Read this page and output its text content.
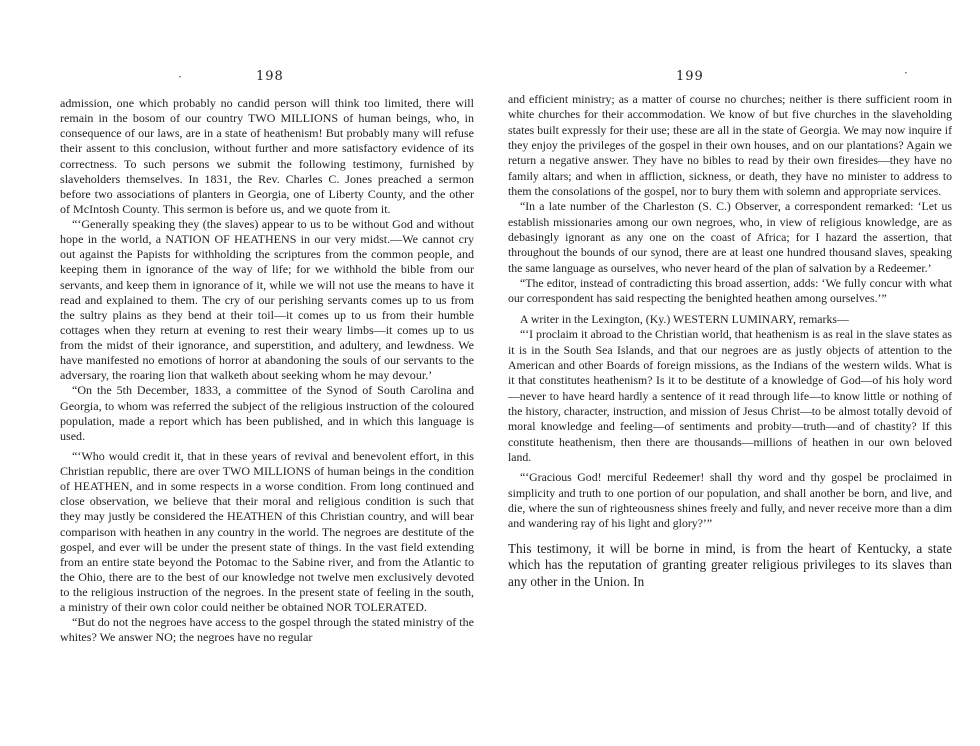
·	198

admission, one which probably no candid person will think too limited, there will remain in the bosom of our country TWO MILLIONS of human beings, who, in consequence of our laws, are in a state of heathenism! But probably many will refuse their assent to this conclusion, without further and more satisfactory evidence of its correctness. To such persons we submit the following testimony, furnished by slaveholders themselves. In 1831, the Rev. Charles C. Jones preached a sermon before two associations of planters in Georgia, one of Liberty County, and the other of McIntosh County. This sermon is before us, and we quote from it.

“‘Generally speaking they (the slaves) appear to us to be without God and without hope in the world, a NATION OF HEATHENS in our very midst.—We cannot cry out against the Papists for withholding the scriptures from the common people, and keeping them in ignorance of the way of life; for we withhold the bible from our servants, and keep them in ignorance of it, while we will not use the means to have it read and explained to them. The cry of our perishing servants comes up to us from the sultry plains as they bend at their toil—it comes up to us from their humble cottages when they return at evening to rest their weary limbs—it comes up to us from the midst of their ignorance, and superstition, and adultery, and lewdness. We have manifested no emotions of horror at abandoning the souls of our servants to the adversary, the roaring lion that walketh about seeking whom he may devour.’

“On the 5th December, 1833, a committee of the Synod of South Carolina and Georgia, to whom was referred the subject of the religious instruction of the coloured population, made a report which has been published, and in which this language is used.

“‘Who would credit it, that in these years of revival and benevolent effort, in this Christian republic, there are over TWO MILLIONS of human beings in the condition of HEATHEN, and in some respects in a worse condition. From long continued and close observation, we believe that their moral and religious condition is such that they may justly be considered the HEATHEN of this Christian country, and will bear comparison with heathen in any country in the world. The negroes are destitute of the gospel, and ever will be under the present state of things. In the vast field extending from an entire state beyond the Potomac to the Sabine river, and from the Atlantic to the Ohio, there are to the best of our knowledge not twelve men exclusively devoted to the religious instruction of the negroes. In the present state of feeling in the south, a ministry of their own color could neither be obtained NOR TOLERATED.

“But do not the negroes have access to the gospel through the stated ministry of the whites? We answer NO; the negroes have no regular

·
199

and efficient ministry; as a matter of course no churches; neither is there sufficient room in white churches for their accommodation. We know of but five churches in the slaveholding states built expressly for their use; these are all in the state of Georgia. We may now inquire if they enjoy the privileges of the gospel in their own houses, and on our plantations? Again we return a negative answer. They have no bibles to read by their own firesides—they have no family altars; and when in affliction, sickness, or death, they have no minister to address to them the consolations of the gospel, nor to bury them with solemn and appropriate services.

“In a late number of the Charleston (S. C.) Observer, a correspondent remarked: ‘Let us establish missionaries among our own negroes, who, in view of religious knowledge, are as debasingly ignorant as any one on the coast of Africa; for I hazard the assertion, that throughout the bounds of our synod, there are at least one hundred thousand slaves, speaking the same language as ourselves, who never heard of the plan of salvation by a Redeemer.’

“The editor, instead of contradicting this broad assertion, adds: ‘We fully concur with what our correspondent has said respecting the benighted heathen among ourselves.’”

A writer in the Lexington, (Ky.) WESTERN LUMINARY, remarks—

“‘I proclaim it abroad to the Christian world, that heathenism is as real in the slave states as it is in the South Sea Islands, and that our negroes are as justly objects of attention to the American and other Boards of foreign missions, as the Indians of the western wilds. What is it that constitutes heathenism? Is it to be destitute of a knowledge of God—of his holy word—never to have heard hardly a sentence of it read through life—to know little or nothing of the history, character, instruction, and mission of Jesus Christ—to be almost totally devoid of moral knowledge and feeling—of sentiments and probity—truth—and of chastity? If this constitute heathenism, then there are thousands—millions of heathen in our own beloved land.

“‘Gracious God! merciful Redeemer! shall thy word and thy gospel be proclaimed in simplicity and truth to one portion of our population, and shall another be born, and live, and die, where the sun of righteousness shines freely and fully, and never receive more than a dim and wandering ray of his light and glory?’”

This testimony, it will be borne in mind, is from the heart of Kentucky, a state which has the reputation of granting greater religious privileges to its slaves than any other in the Union. In
